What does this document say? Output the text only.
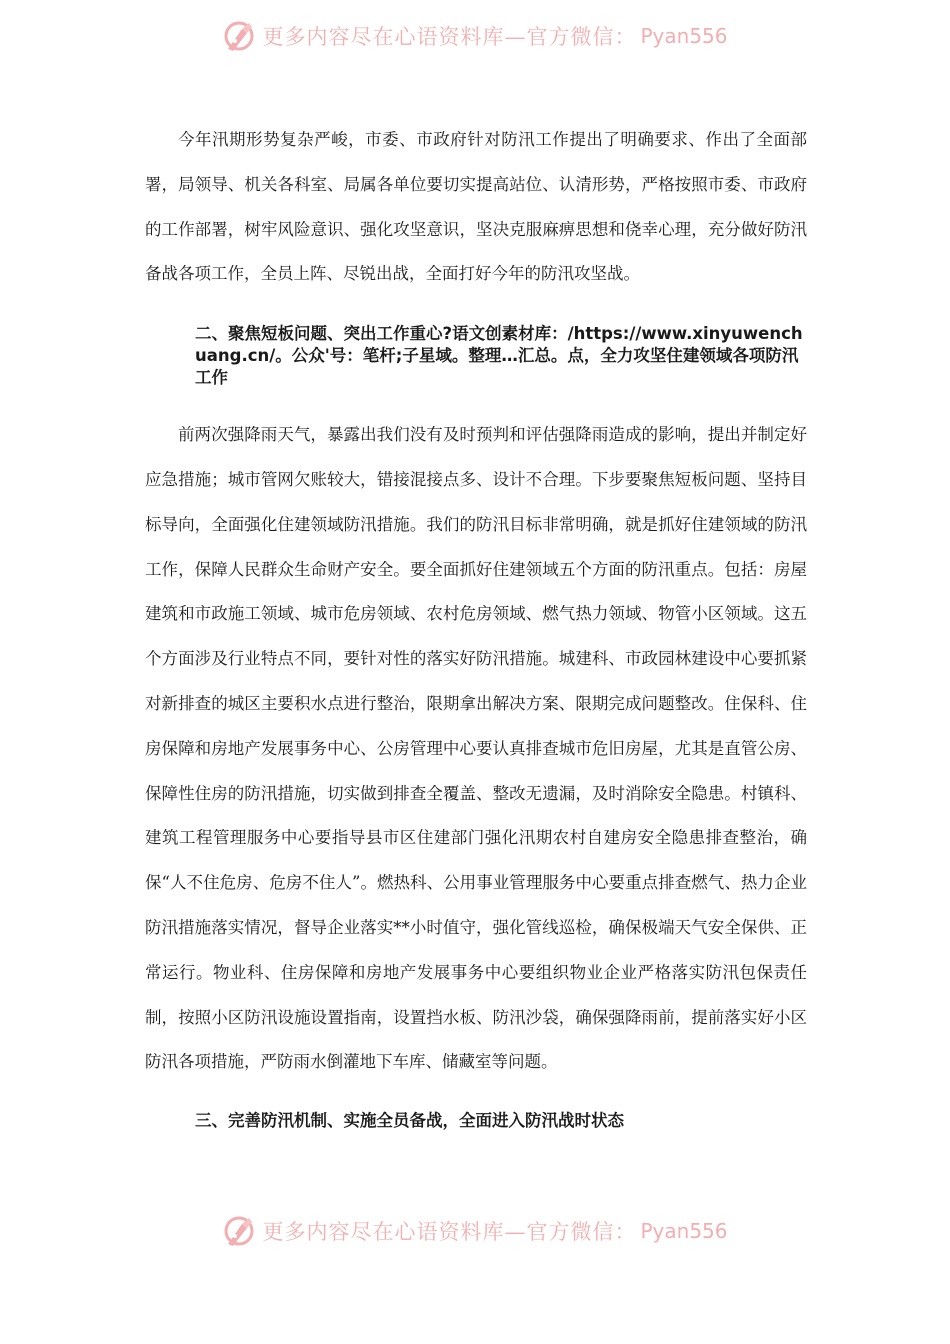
更多内容尽在心语资料库—官方微信： Pyan556

今年汛期形势复杂严峻，市委、市政府针对防汛工作提出了明确要求、作出了全面部署，局领导、机关各科室、局属各单位要切实提高站位、认清形势，严格按照市委、市政府的工作部署，树牢风险意识、强化攻坚意识，坚决克服麻痹思想和侥幸心理，充分做好防汛备战各项工作，全员上阵、尽锐出战，全面打好今年的防汛攻坚战。

二、聚焦短板问题、突出工作重心?语文创素材库：/https://www.xinyuwenchuang.cn/。公众'号：笔杆;子星域。整理…汇总。点，全力攻坚住建领域各项防汛工作

前两次强降雨天气，暴露出我们没有及时预判和评估强降雨造成的影响，提出并制定好应急措施；城市管网欠账较大，错接混接点多、设计不合理。下步要聚焦短板问题、坚持目标导向，全面强化住建领域防汛措施。我们的防汛目标非常明确，就是抓好住建领域的防汛工作，保障人民群众生命财产安全。要全面抓好住建领域五个方面的防汛重点。包括：房屋建筑和市政施工领域、城市危房领域、农村危房领域、燃气热力领域、物管小区领域。这五个方面涉及行业特点不同，要针对性的落实好防汛措施。城建科、市政园林建设中心要抓紧对新排查的城区主要积水点进行整治，限期拿出解决方案、限期完成问题整改。住保科、住房保障和房地产发展事务中心、公房管理中心要认真排查城市危旧房屋，尤其是直管公房、保障性住房的防汛措施，切实做到排查全覆盖、整改无遗漏，及时消除安全隐患。村镇科、建筑工程管理服务中心要指导县市区住建部门强化汛期农村自建房安全隐患排查整治，确保“人不住危房、危房不住人”。燃热科、公用事业管理服务中心要重点排查燃气、热力企业防汛措施落实情况，督导企业落实**小时值守，强化管线巡检，确保极端天气安全保供、正常运行。物业科、住房保障和房地产发展事务中心要组织物业企业严格落实防汛包保责任制，按照小区防汛设施设置指南，设置挡水板、防汛沙袋，确保强降雨前，提前落实好小区防汛各项措施，严防雨水倒灌地下车库、储藏室等问题。

三、完善防汛机制、实施全员备战，全面进入防汛战时状态

更多内容尽在心语资料库—官方微信： Pyan556
